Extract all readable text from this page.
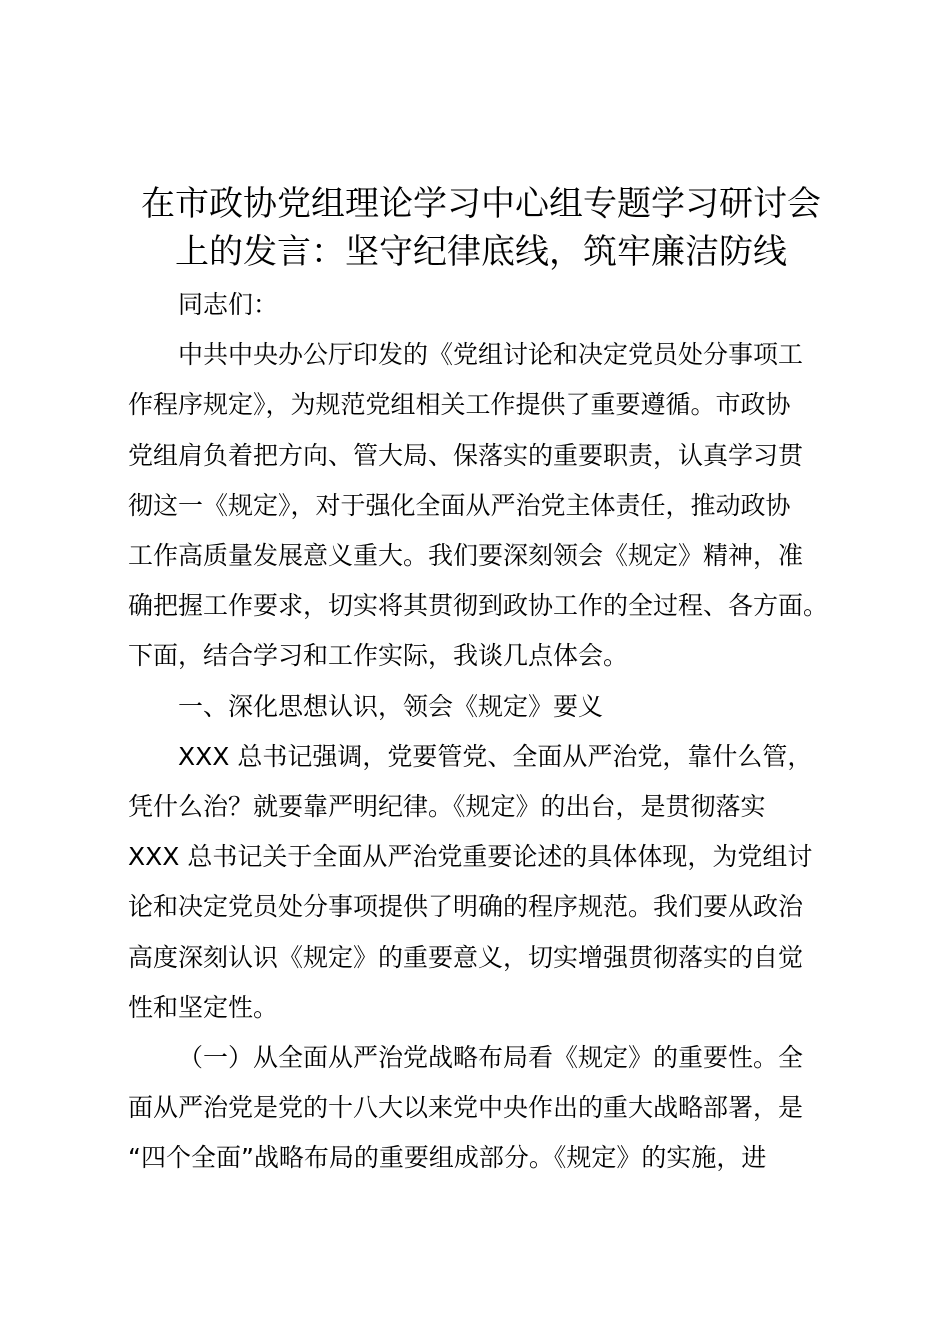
在市政协党组理论学习中心组专题学习研讨会
上的发言：坚守纪律底线，筑牢廉洁防线
同志们：
中共中央办公厅印发的《党组讨论和决定党员处分事项工
作程序规定》，为规范党组相关工作提供了重要遵循。市政协
党组肩负着把方向、管大局、保落实的重要职责，认真学习贯
彻这一《规定》，对于强化全面从严治党主体责任，推动政协
工作高质量发展意义重大。我们要深刻领会《规定》精神，准
确把握工作要求，切实将其贯彻到政协工作的全过程、各方面。
下面，结合学习和工作实际，我谈几点体会。
一、深化思想认识，领会《规定》要义
XXX 总书记强调，党要管党、全面从严治党，靠什么管，
凭什么治？就要靠严明纪律。《规定》的出台，是贯彻落实
XXX 总书记关于全面从严治党重要论述的具体体现，为党组讨
论和决定党员处分事项提供了明确的程序规范。我们要从政治
高度深刻认识《规定》的重要意义，切实增强贯彻落实的自觉
性和坚定性。
（一）从全面从严治党战略布局看《规定》的重要性。全
面从严治党是党的十八大以来党中央作出的重大战略部署，是
“四个全面”战略布局的重要组成部分。《规定》的实施，进
